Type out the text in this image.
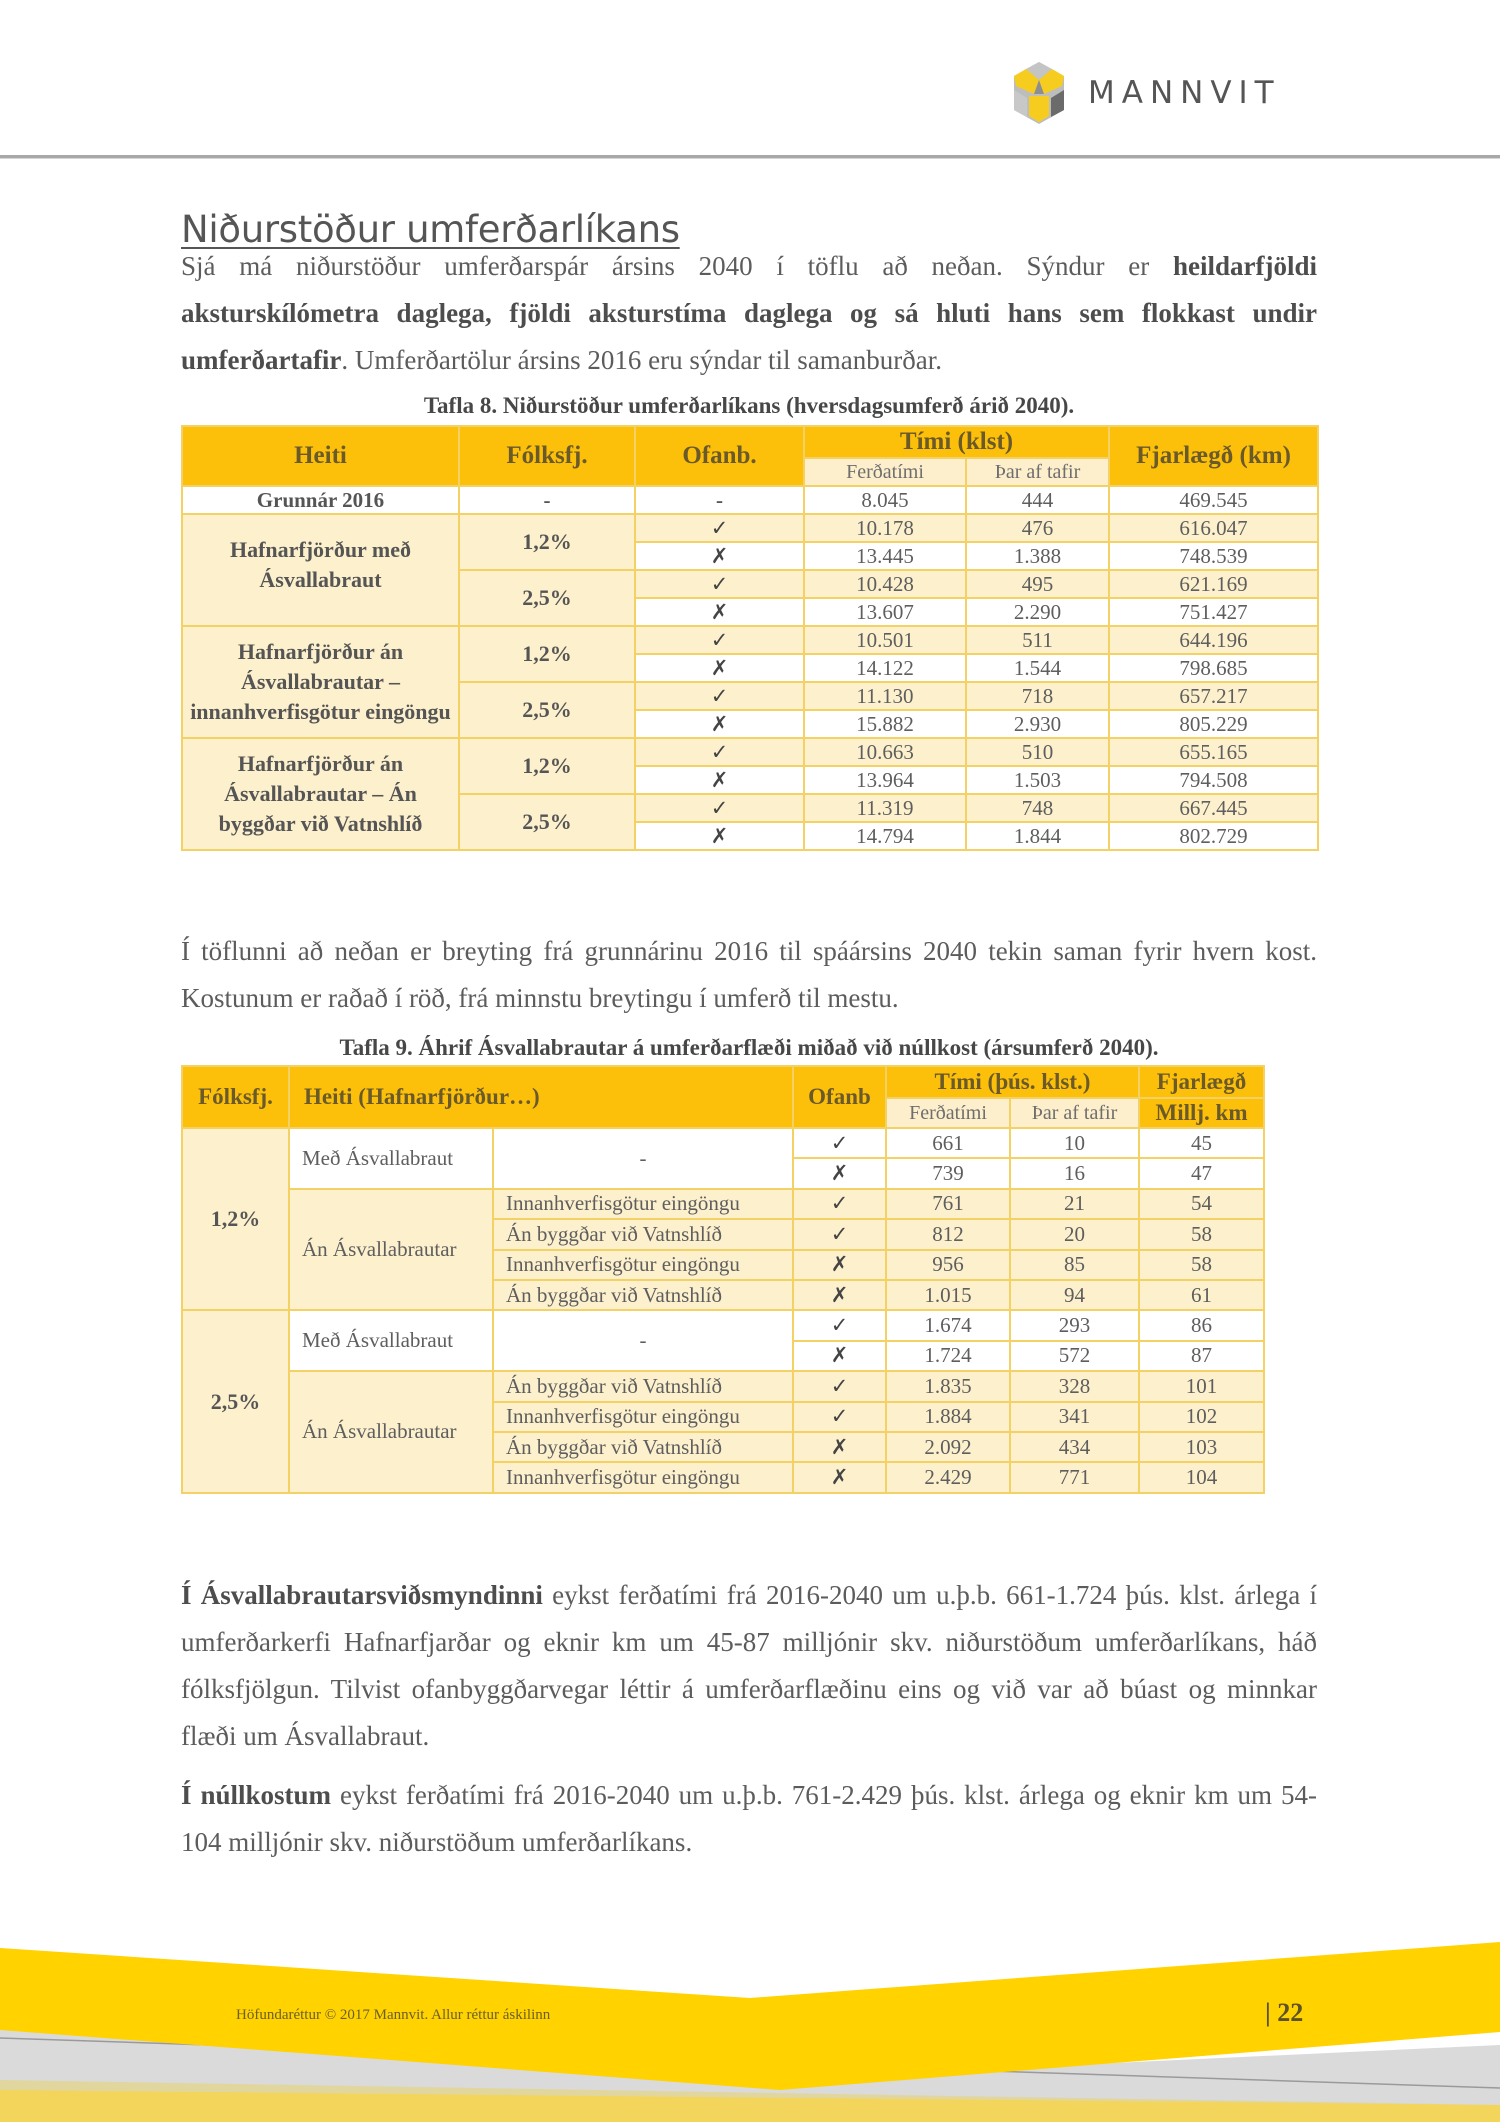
MANNVIT
Niðurstöður umferðarlíkans

Sjá má niðurstöður umferðarspár ársins 2040 í töflu að neðan. Sýndur er heildarfjöldi aksturskílómetra daglega, fjöldi aksturstíma daglega og sá hluti hans sem flokkast undir umferðartafir. Umferðartölur ársins 2016 eru sýndar til samanburðar.

Tafla 8. Niðurstöður umferðarlíkans (hversdagsumferð árið 2040).
Heiti	Fólksfj.	Ofanb.	Tími (klst)		Fjarlægð (km)
			Ferðatími	Þar af tafir	
Grunnár 2016	-	-	8.045	444	469.545
Hafnarfjörður með Ásvallabraut	1,2%	✓	10.178	476	616.047
		✗	13.445	1.388	748.539
	2,5%	✓	10.428	495	621.169
		✗	13.607	2.290	751.427
Hafnarfjörður án Ásvallabrautar – innanhverfisgötur eingöngu	1,2%	✓	10.501	511	644.196
		✗	14.122	1.544	798.685
	2,5%	✓	11.130	718	657.217
		✗	15.882	2.930	805.229
Hafnarfjörður án Ásvallabrautar – Án byggðar við Vatnshlíð	1,2%	✓	10.663	510	655.165
		✗	13.964	1.503	794.508
	2,5%	✓	11.319	748	667.445
		✗	14.794	1.844	802.729

Í töflunni að neðan er breyting frá grunnárinu 2016 til spáársins 2040 tekin saman fyrir hvern kost. Kostunum er raðað í röð, frá minnstu breytingu í umferð til mestu.

Tafla 9. Áhrif Ásvallabrautar á umferðarflæði miðað við núllkost (ársumferð 2040).
Fólksfj.	Heiti (Hafnarfjörður…)		Ofanb	Tími (þús. klst.)		Fjarlægð
				Ferðatími	Þar af tafir	Millj. km
1,2%	Með Ásvallabraut	-	✓	661	10	45
			✗	739	16	47
	Án Ásvallabrautar	Innanhverfisgötur eingöngu	✓	761	21	54
		Án byggðar við Vatnshlíð	✓	812	20	58
		Innanhverfisgötur eingöngu	✗	956	85	58
		Án byggðar við Vatnshlíð	✗	1.015	94	61
2,5%	Með Ásvallabraut	-	✓	1.674	293	86
			✗	1.724	572	87
	Án Ásvallabrautar	Án byggðar við Vatnshlíð	✓	1.835	328	101
		Innanhverfisgötur eingöngu	✓	1.884	341	102
		Án byggðar við Vatnshlíð	✗	2.092	434	103
		Innanhverfisgötur eingöngu	✗	2.429	771	104

Í Ásvallabrautarsviðsmyndinni eykst ferðatími frá 2016-2040 um u.þ.b. 661-1.724 þús. klst. árlega í umferðarkerfi Hafnarfjarðar og eknir km um 45-87 milljónir skv. niðurstöðum umferðarlíkans, háð fólksfjölgun. Tilvist ofanbyggðarvegar léttir á umferðarflæðinu eins og við var að búast og minnkar flæði um Ásvallabraut.

Í núllkostum eykst ferðatími frá 2016-2040 um u.þ.b. 761-2.429 þús. klst. árlega og eknir km um 54-104 milljónir skv. niðurstöðum umferðarlíkans.

Höfundaréttur © 2017 Mannvit. Allur réttur áskilinn	| 22
